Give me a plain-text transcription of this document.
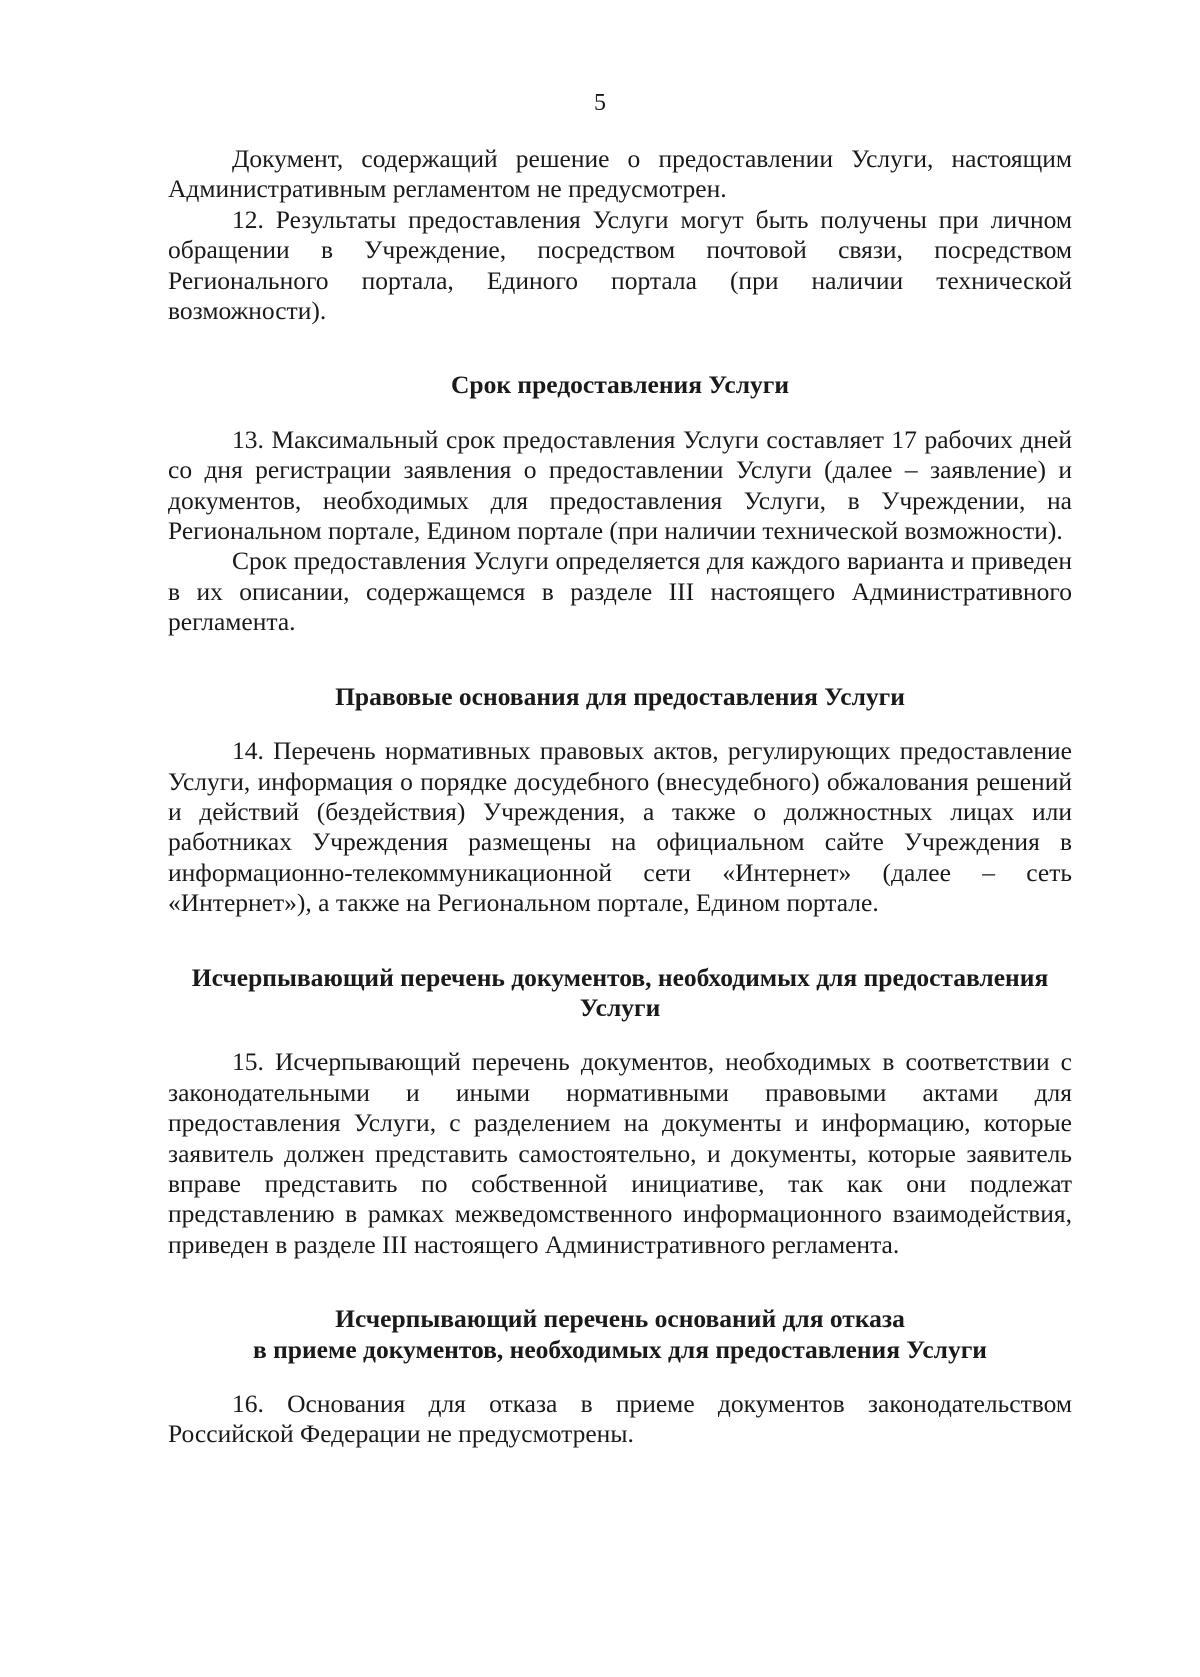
5

Документ, содержащий решение о предоставлении Услуги, настоящим Административным регламентом не предусмотрен.

12. Результаты предоставления Услуги могут быть получены при личном обращении в Учреждение, посредством почтовой связи, посредством Регионального портала, Единого портала (при наличии технической возможности).

Срок предоставления Услуги

13. Максимальный срок предоставления Услуги составляет 17 рабочих дней со дня регистрации заявления о предоставлении Услуги (далее – заявление) и документов, необходимых для предоставления Услуги, в Учреждении, на Региональном портале, Едином портале (при наличии технической возможности).

Срок предоставления Услуги определяется для каждого варианта и приведен в их описании, содержащемся в разделе III настоящего Административного регламента.

Правовые основания для предоставления Услуги

14. Перечень нормативных правовых актов, регулирующих предоставление Услуги, информация о порядке досудебного (внесудебного) обжалования решений и действий (бездействия) Учреждения, а также о должностных лицах или работниках Учреждения размещены на официальном сайте Учреждения в информационно-телекоммуникационной сети «Интернет» (далее – сеть «Интернет»), а также на Региональном портале, Едином портале.

Исчерпывающий перечень документов, необходимых для предоставления
Услуги

15. Исчерпывающий перечень документов, необходимых в соответствии с законодательными и иными нормативными правовыми актами для предоставления Услуги, с разделением на документы и информацию, которые заявитель должен представить самостоятельно, и документы, которые заявитель вправе представить по собственной инициативе, так как они подлежат представлению в рамках межведомственного информационного взаимодействия, приведен в разделе III настоящего Административного регламента.

Исчерпывающий перечень оснований для отказа
в приеме документов, необходимых для предоставления Услуги

16. Основания для отказа в приеме документов законодательством Российской Федерации не предусмотрены.
